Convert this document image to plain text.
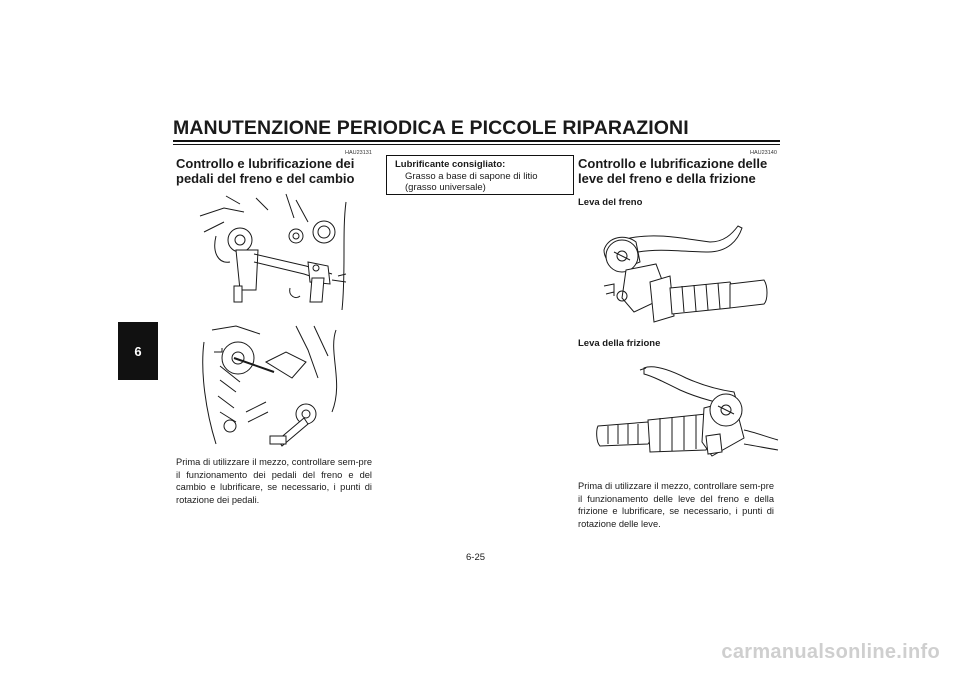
MANUTENZIONE PERIODICA E PICCOLE RIPARAZIONI
6
HAU23131
Controllo e lubrificazione dei
pedali del freno e del cambio

Prima di utilizzare il mezzo, controllare sem-pre il funzionamento dei pedali del freno e del cambio e lubrificare, se necessario, i punti di rotazione dei pedali.

Lubrificante consigliato:
Grasso a base di sapone di litio
(grasso universale)
HAU23140
Controllo e lubrificazione delle
leve del freno e della frizione
Leva del freno
Leva della frizione

Prima di utilizzare il mezzo, controllare sem-pre il funzionamento delle leve del freno e della frizione e lubrificare, se necessario, i punti di rotazione delle leve.

6-25
carmanualsonline.info
